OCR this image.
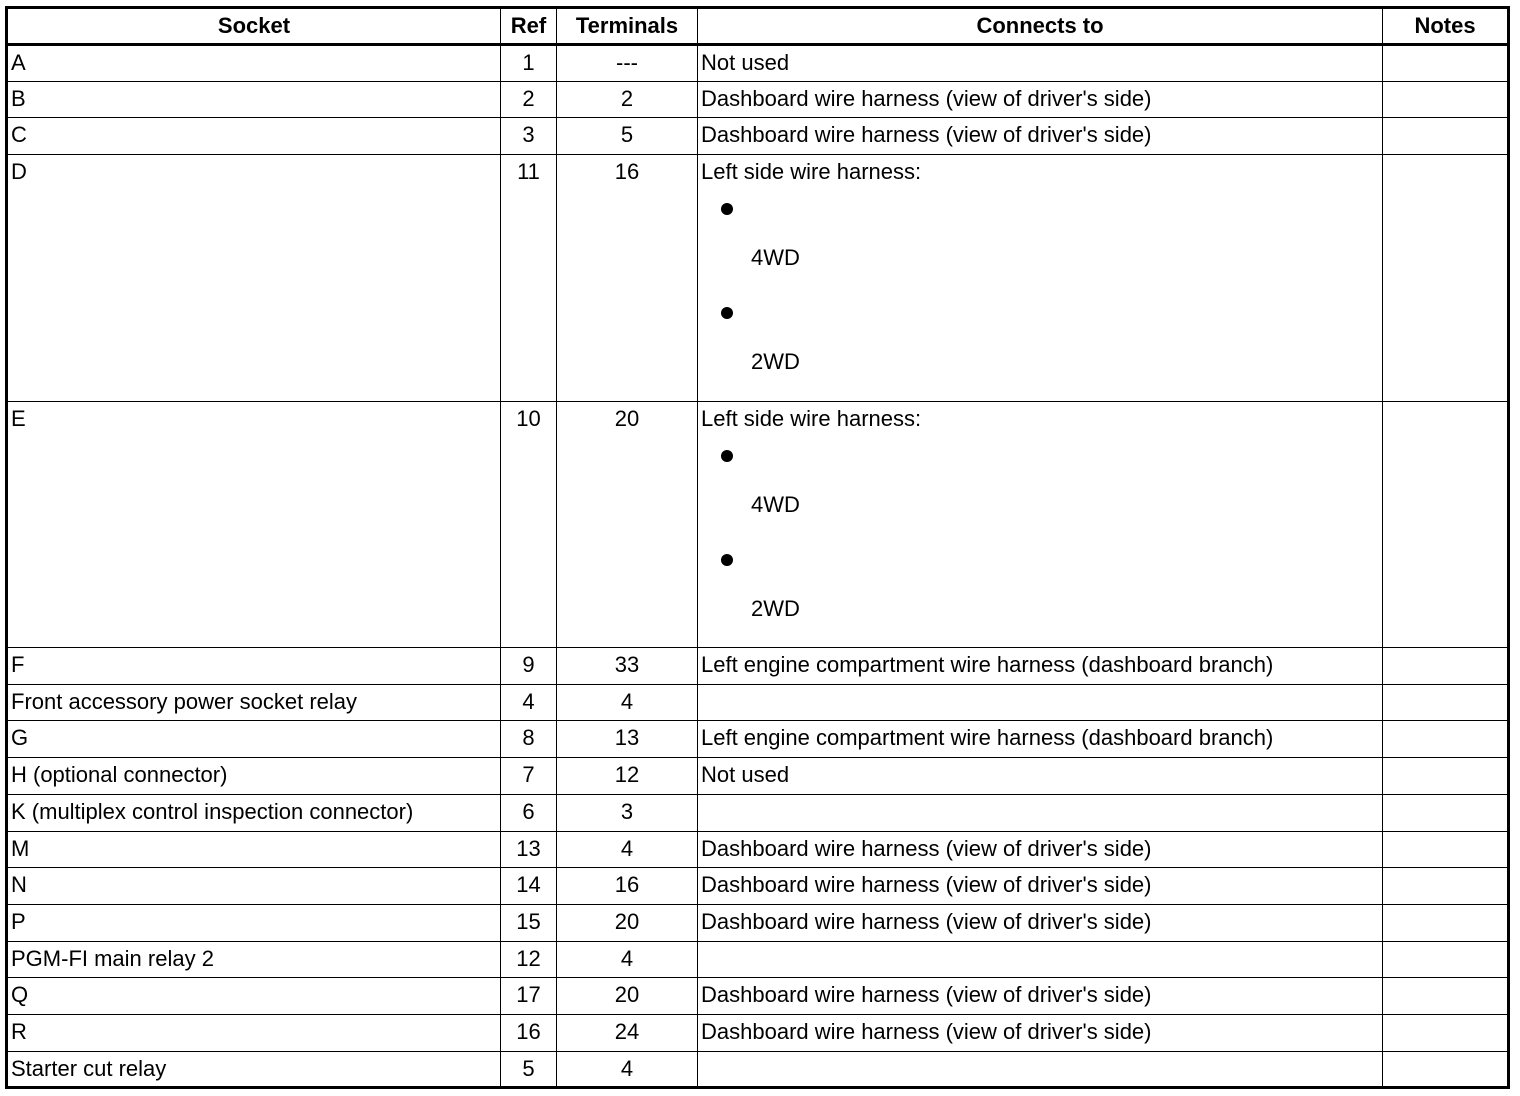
Socket	Ref	Terminals	Connects to	Notes
A	1	---	Not used	
B	2	2	Dashboard wire harness (view of driver's side)	
C	3	5	Dashboard wire harness (view of driver's side)	
D	11	16	Left side wire harness:
4WD
2WD	

E	10	20	Left side wire harness:
4WD
2WD	

F	9	33	Left engine compartment wire harness (dashboard branch)	
Front accessory power socket relay	4	4		
G	8	13	Left engine compartment wire harness (dashboard branch)	
H (optional connector)	7	12	Not used	
K (multiplex control inspection connector)	6	3		
M	13	4	Dashboard wire harness (view of driver's side)	
N	14	16	Dashboard wire harness (view of driver's side)	
P	15	20	Dashboard wire harness (view of driver's side)	
PGM-FI main relay 2	12	4		
Q	17	20	Dashboard wire harness (view of driver's side)	
R	16	24	Dashboard wire harness (view of driver's side)	
Starter cut relay	5	4		
